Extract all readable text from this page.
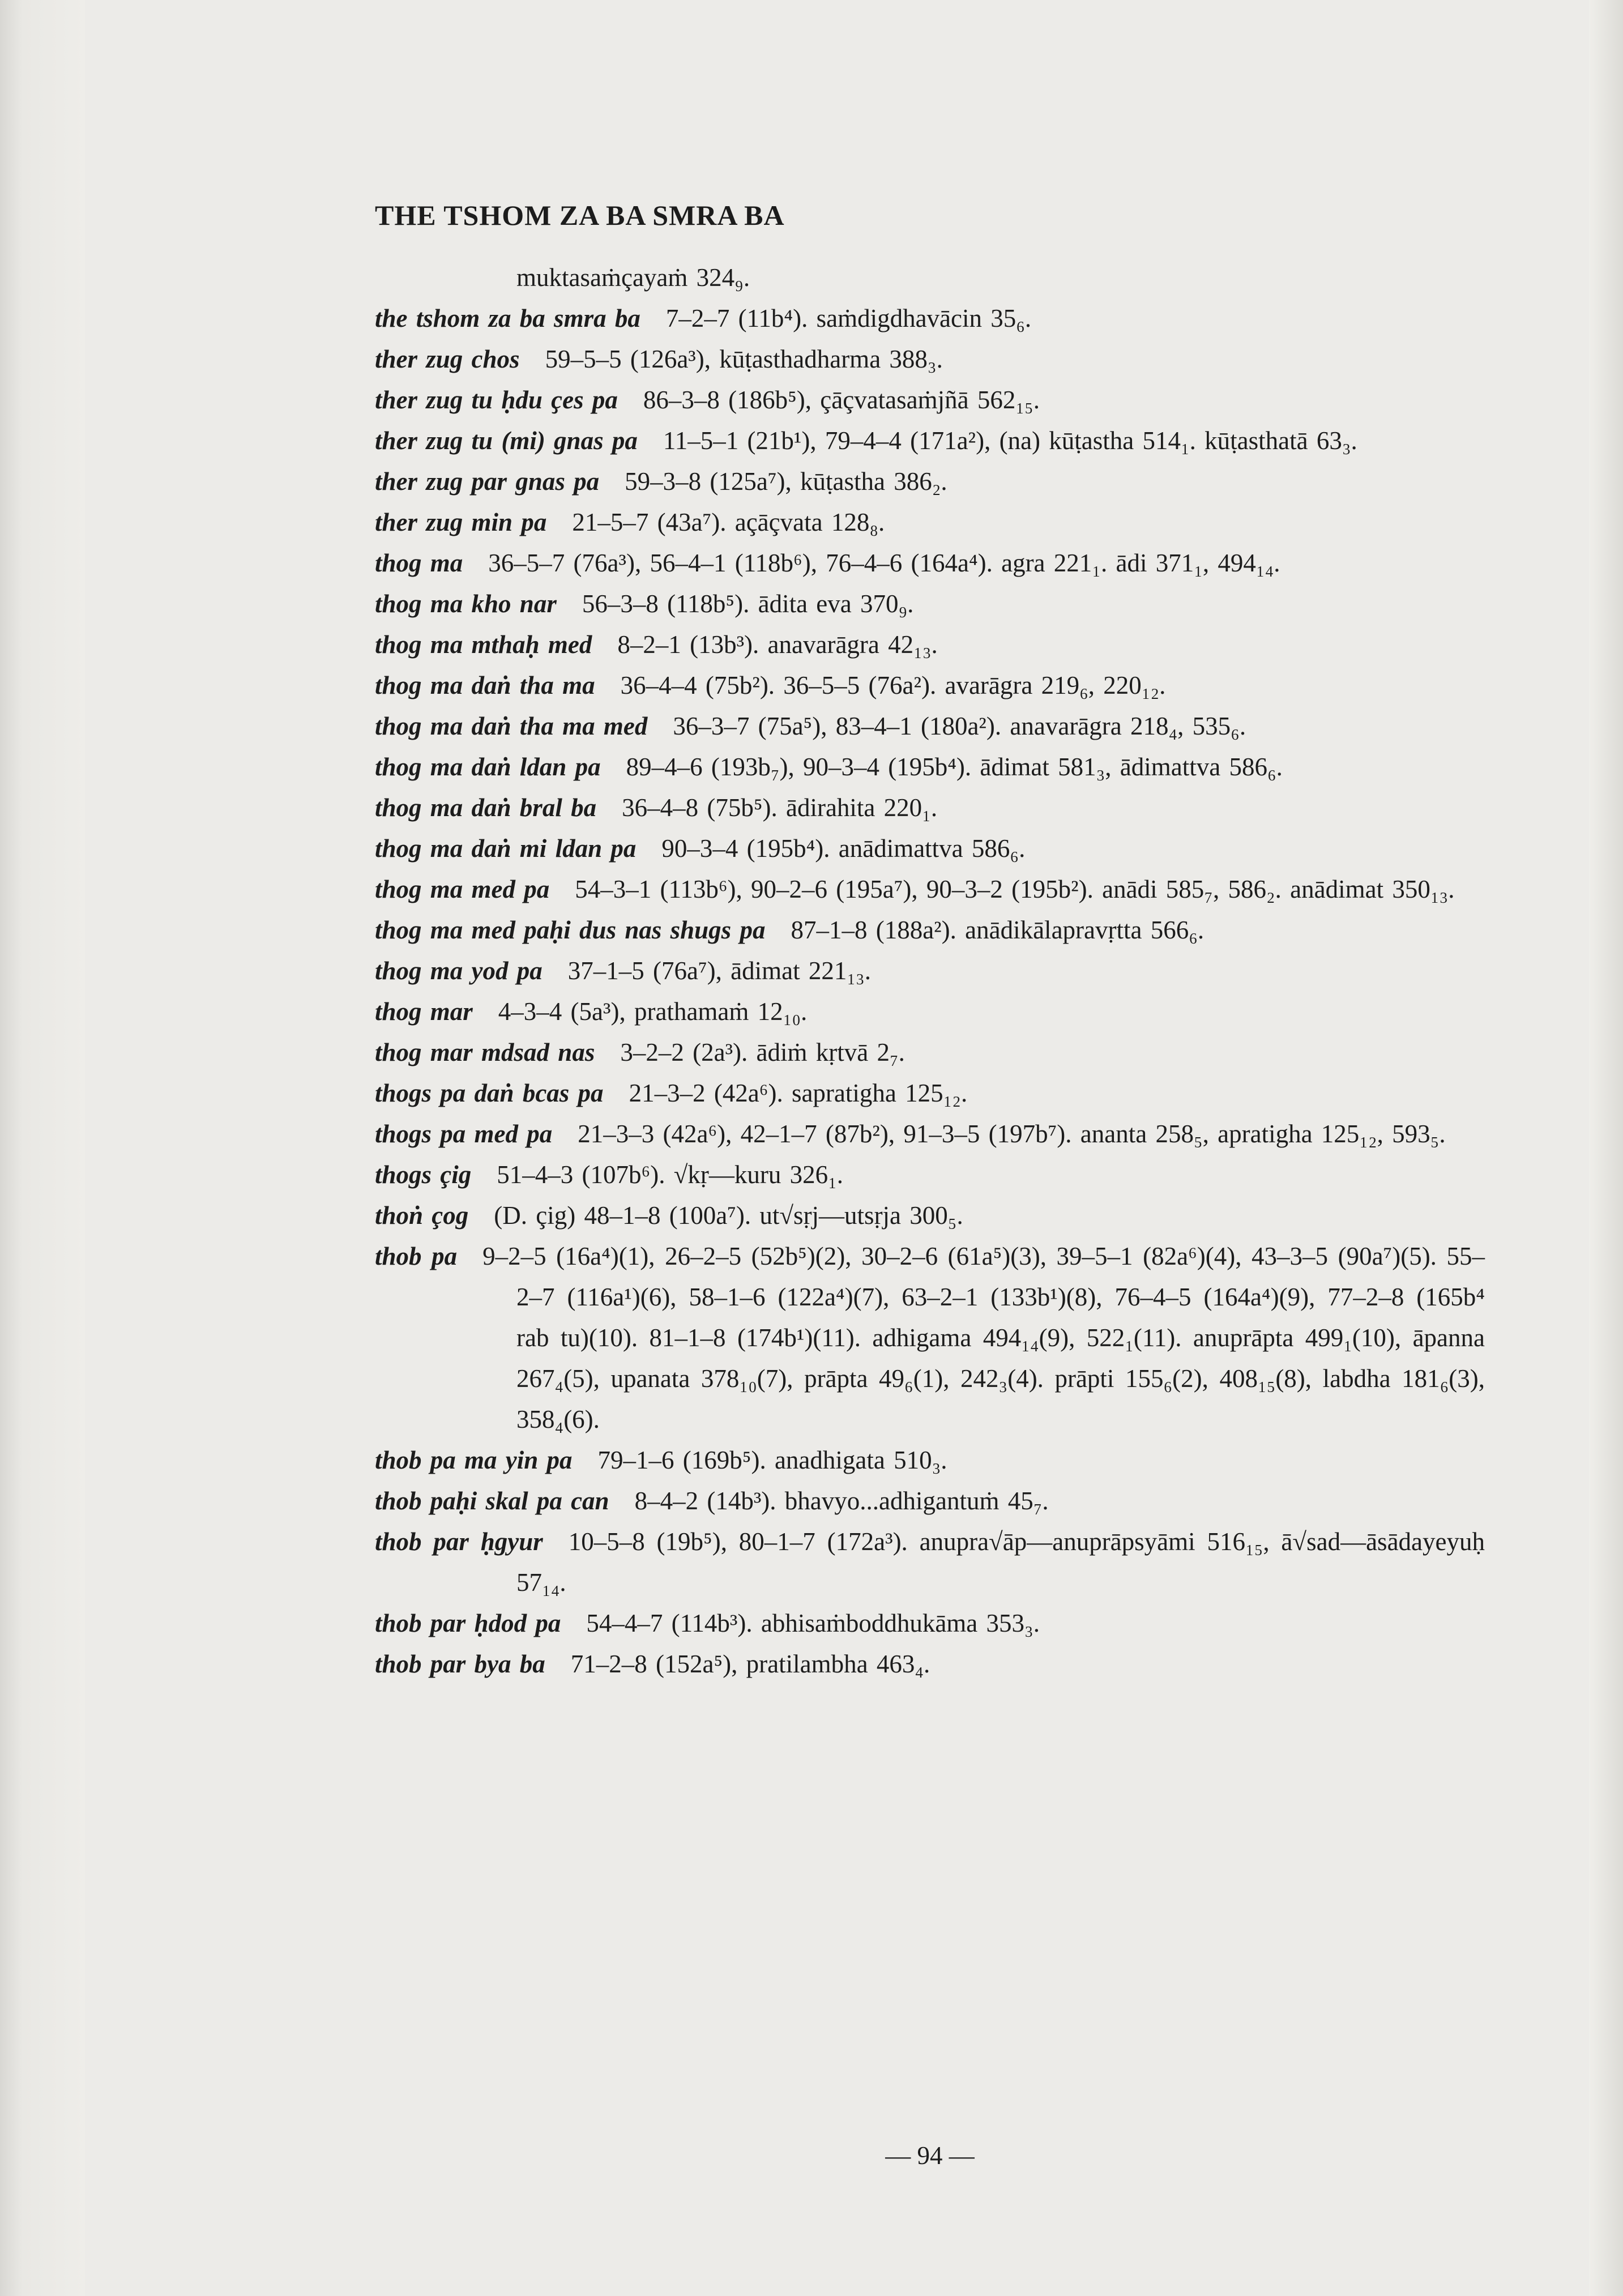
THE TSHOM ZA BA SMRA BA
muktasaṁçayaṁ 324₉.
the tshom za ba smra ba  7–2–7 (11b⁴). saṁdigdhavācin 35₆.
ther zug chos  59–5–5 (126a³), kūṭasthadharma 388₃.
ther zug tu ḥdu ҫes pa  86–3–8 (186b⁵), çāçvatasaṁjñā 562₁₅.
ther zug tu (mi) gnas pa  11–5–1 (21b¹), 79–4–4 (171a²), (na) kūṭastha 514₁. kūṭasthatā 63₃.
ther zug par gnas pa  59–3–8 (125a⁷), kūṭastha 386₂.
ther zug min pa  21–5–7 (43a⁷). açāçvata 128₈.
thog ma  36–5–7 (76a³), 56–4–1 (118b⁶), 76–4–6 (164a⁴). agra 221₁. ādi 371₁, 494₁₄.
thog ma kho nar  56–3–8 (118b⁵). ādita eva 370₉.
thog ma mthaḥ med  8–2–1 (13b³). anavarāgra 42₁₃.
thog ma daṅ tha ma  36–4–4 (75b²). 36–5–5 (76a²). avarāgra 219₆, 220₁₂.
thog ma daṅ tha ma med  36–3–7 (75a⁵), 83–4–1 (180a²). anavarāgra 218₄, 535₆.
thog ma daṅ ldan pa  89–4–6 (193b₇), 90–3–4 (195b⁴). ādimat 581₃, ādimattva 586₆.
thog ma daṅ bral ba  36–4–8 (75b⁵). ādirahita 220₁.
thog ma daṅ mi ldan pa  90–3–4 (195b⁴). anādimattva 586₆.
thog ma med pa  54–3–1 (113b⁶), 90–2–6 (195a⁷), 90–3–2 (195b²). anādi 585₇, 586₂. anādimat 350₁₃.
thog ma med paḥi dus nas shugs pa  87–1–8 (188a²). anādikālapravṛtta 566₆.
thog ma yod pa  37–1–5 (76a⁷), ādimat 221₁₃.
thog mar  4–3–4 (5a³), prathamaṁ 12₁₀.
thog mar mdsad nas  3–2–2 (2a³). ādiṁ kṛtvā 2₇.
thogs pa daṅ bcas pa  21–3–2 (42a⁶). sapratigha 125₁₂.
thogs pa med pa  21–3–3 (42a⁶), 42–1–7 (87b²), 91–3–5 (197b⁷). ananta 258₅, apratigha 125₁₂, 593₅.
thogs çig  51–4–3 (107b⁶). √kṛ—kuru 326₁.
thoṅ çog  (D. çig) 48–1–8 (100a⁷). ut√sṛj—utsṛja 300₅.
thob pa  9–2–5 (16a⁴)(1), 26–2–5 (52b⁵)(2), 30–2–6 (61a⁵)(3), 39–5–1 (82a⁶)(4), 43–3–5 (90a⁷)(5). 55–2–7 (116a¹)(6), 58–1–6 (122a⁴)(7), 63–2–1 (133b¹)(8), 76–4–5 (164a⁴)(9), 77–2–8 (165b⁴ rab tu)(10). 81–1–8 (174b¹)(11). adhigama 494₁₄(9), 522₁(11). anuprāpta 499₁(10), āpanna 267₄(5), upanata 378₁₀(7), prāpta 49₆(1), 242₃(4). prāpti 155₆(2), 408₁₅(8), labdha 181₆(3), 358₄(6).
thob pa ma yin pa  79–1–6 (169b⁵). anadhigata 510₃.
thob paḥi skal pa can  8–4–2 (14b³). bhavyo...adhigantuṁ 45₇.
thob par ḥgyur  10–5–8 (19b⁵), 80–1–7 (172a³). anupra√āp—anuprāpsyāmi 516₁₅, ā√sad—āsādayeyuḥ 57₁₄.
thob par ḥdod pa  54–4–7 (114b³). abhisaṁboddhukāma 353₃.
thob par bya ba  71–2–8 (152a⁵), pratilambha 463₄.
— 94 —
